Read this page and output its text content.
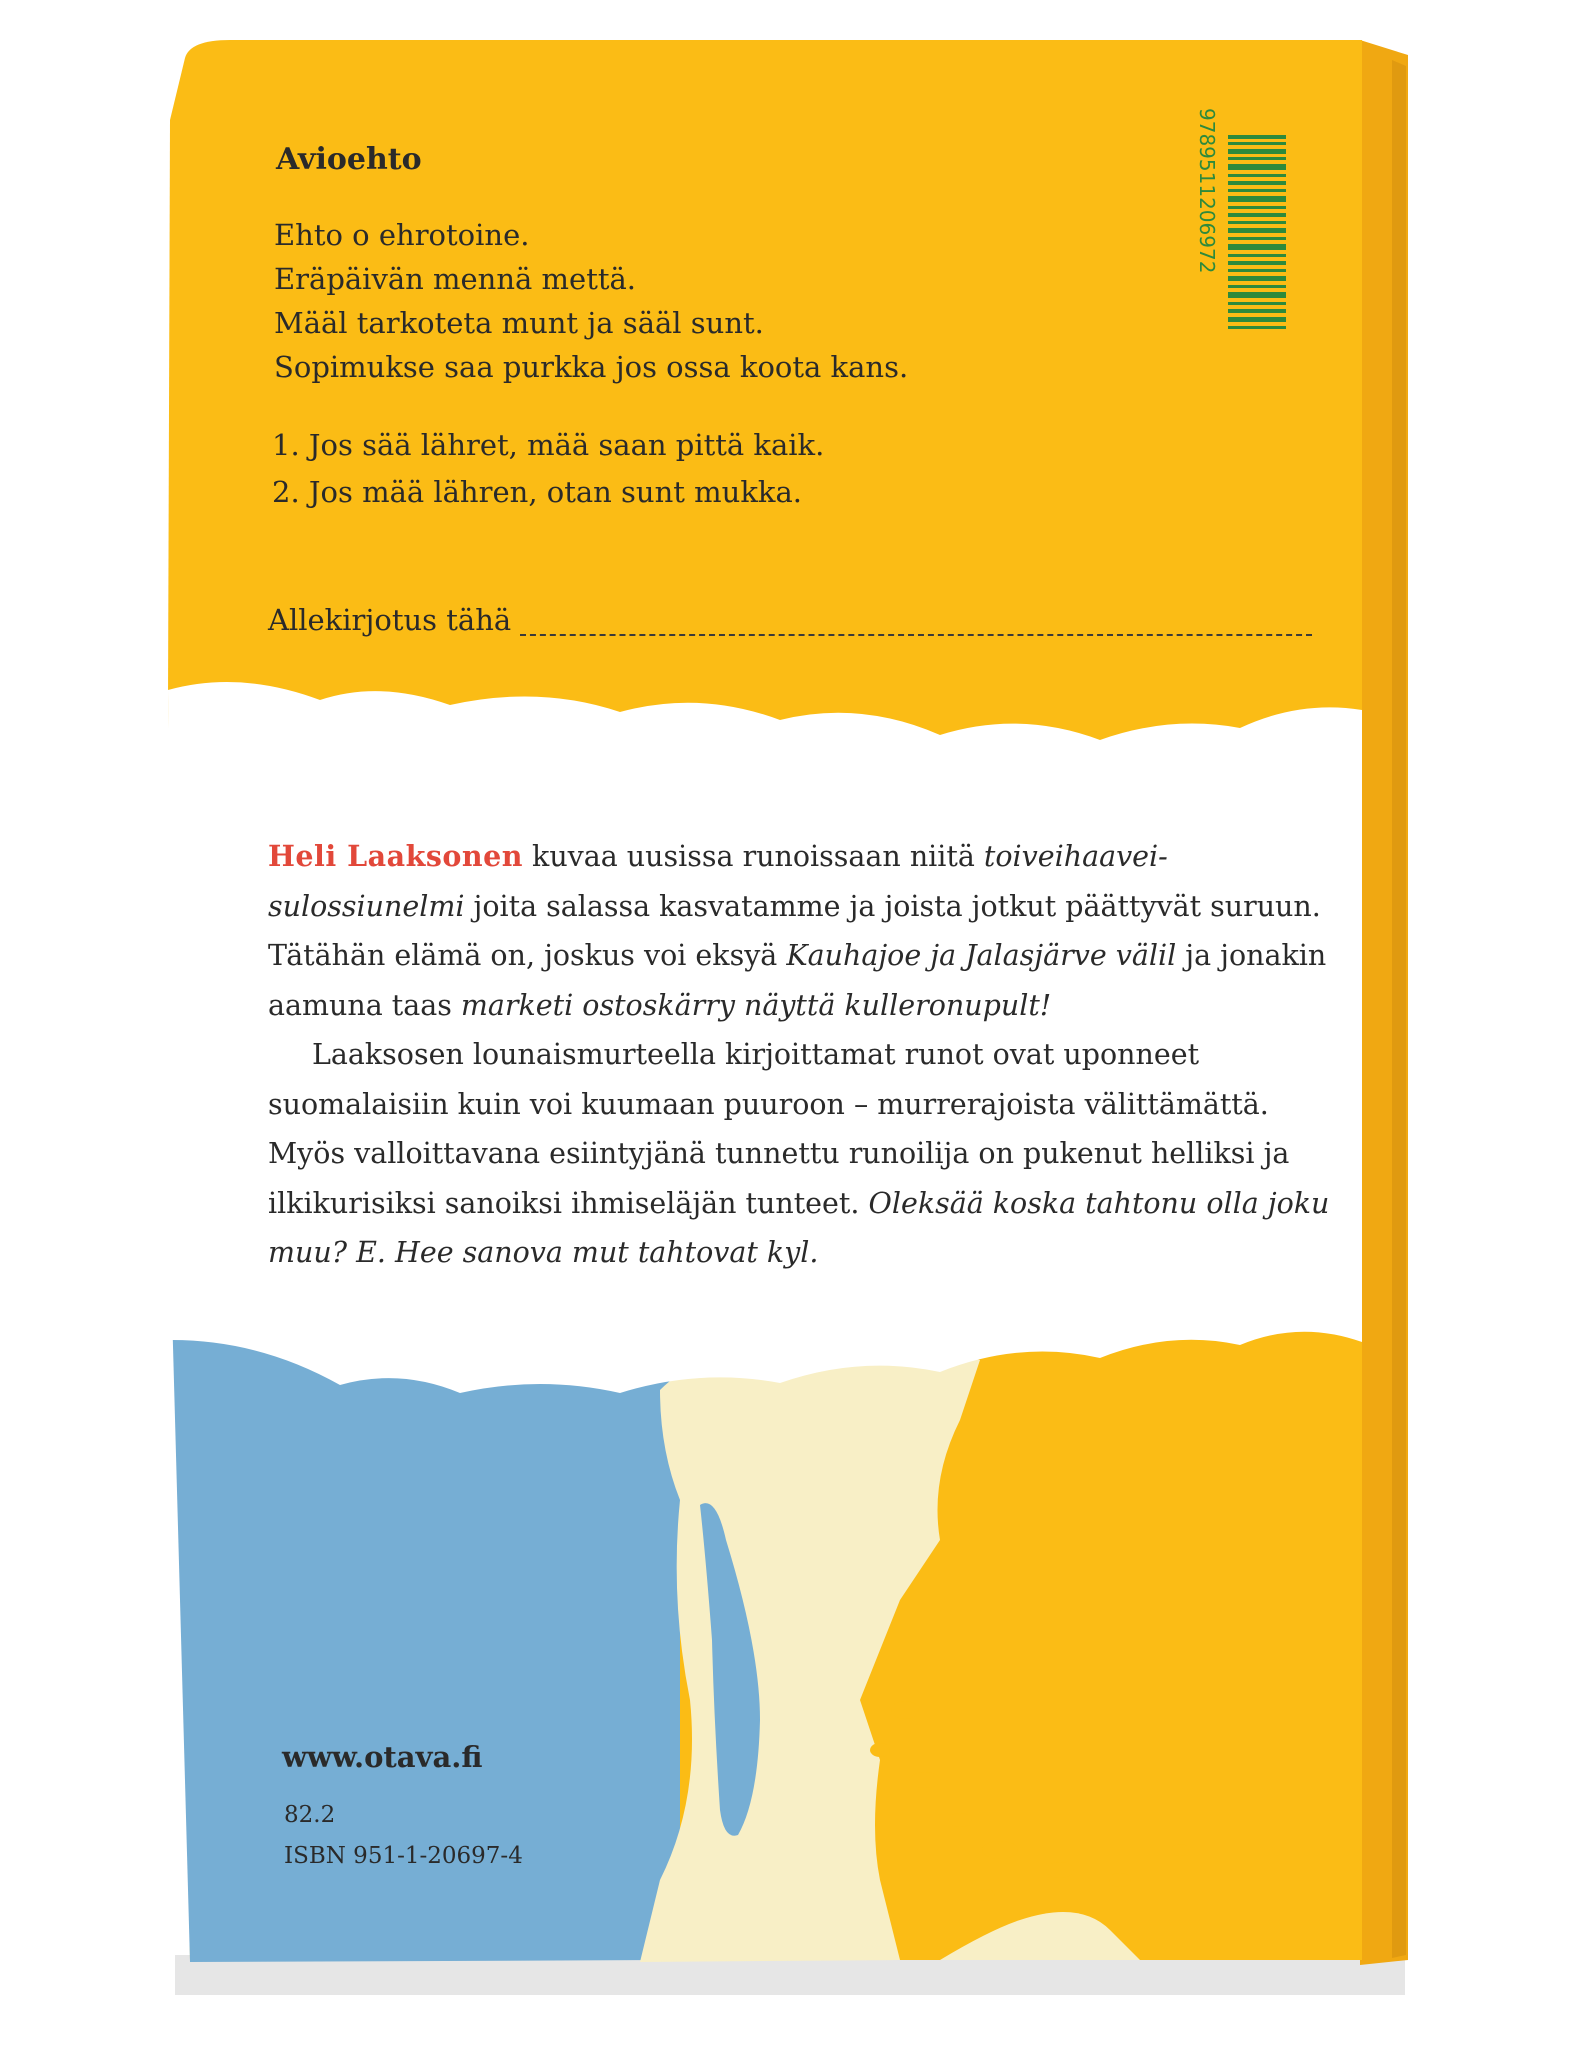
9789511206972
Avioehto
Ehto o ehrotoine.
Eräpäivän mennä mettä.
Määl tarkoteta munt ja sääl sunt.
Sopimukse saa purkka jos ossa koota kans.
1. Jos sää lähret, mää saan pittä kaik.
2. Jos mää lähren, otan sunt mukka.
Allekirjotus tähä

Heli Laaksonen kuvaa uusissa runoissaan niitä toiveihaavei- sulossiunelmi joita salassa kasvatamme ja joista jotkut päättyvät suruun. Tätähän elämä on, joskus voi eksyä Kauhajoe ja Jalasjärve välil ja jonakin aamuna taas marketi ostoskärry näyttä kulleronupult!

Laaksosen lounaismurteella kirjoittamat runot ovat uponneet suomalaisiin kuin voi kuumaan puuroon – murrerajoista välittämättä. Myös valloittavana esiintyjänä tunnettu runoilija on pukenut helliksi ja ilkikurisiksi sanoiksi ihmiseläjän tunteet. Oleksää koska tahtonu olla joku muu? E. Hee sanova mut tahtovat kyl.

www.otava.fi
82.2
ISBN 951-1-20697-4
